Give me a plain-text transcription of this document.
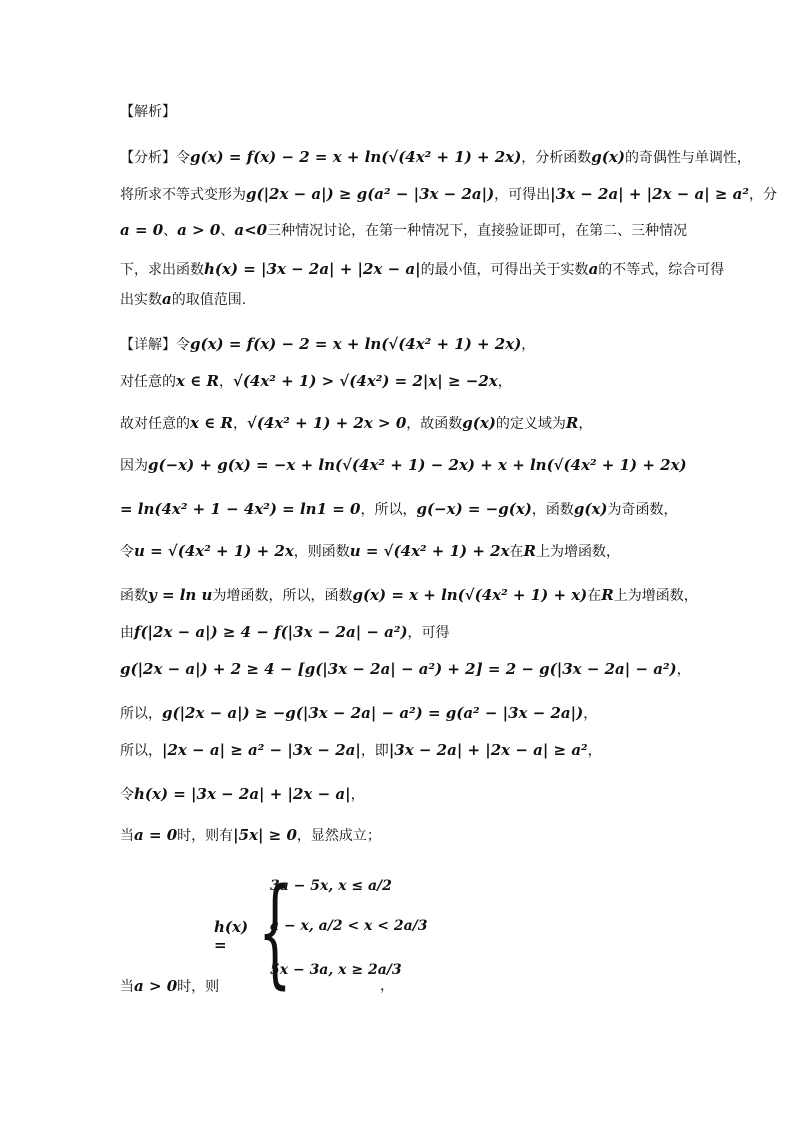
【解析】
【分析】令g(x) = f(x) − 2 = x + ln(√(4x² + 1) + 2x)，分析函数g(x)的奇偶性与单调性，
将所求不等式变形为g(|2x − a|) ≥ g(a² − |3x − 2a|)，可得出|3x − 2a| + |2x − a| ≥ a²，分
a = 0、a > 0、a<0三种情况讨论，在第一种情况下，直接验证即可，在第二、三种情况
下，求出函数h(x) = |3x − 2a| + |2x − a|的最小值，可得出关于实数a的不等式，综合可得
出实数a的取值范围.
【详解】令g(x) = f(x) − 2 = x + ln(√(4x² + 1) + 2x)，
对任意的x ∈ R，√(4x² + 1) > √(4x²) = 2|x| ≥ −2x，
故对任意的x ∈ R，√(4x² + 1) + 2x > 0，故函数g(x)的定义域为R，
因为g(−x) + g(x) = −x + ln(√(4x² + 1) − 2x) + x + ln(√(4x² + 1) + 2x)
= ln(4x² + 1 − 4x²) = ln1 = 0，所以，g(−x) = −g(x)，函数g(x)为奇函数，
令u = √(4x² + 1) + 2x，则函数u = √(4x² + 1) + 2x在R上为增函数，
函数y = ln u为增函数，所以，函数g(x) = x + ln(√(4x² + 1) + x)在R上为增函数，
由f(|2x − a|) ≥ 4 − f(|3x − 2a| − a²)，可得
g(|2x − a|) + 2 ≥ 4 − [g(|3x − 2a| − a²) + 2] = 2 − g(|3x − 2a| − a²)，
所以，g(|2x − a|) ≥ −g(|3x − 2a| − a²) = g(a² − |3x − 2a|)，
所以，|2x − a| ≥ a² − |3x − 2a|，即|3x − 2a| + |2x − a| ≥ a²，
令h(x) = |3x − 2a| + |2x − a|，
当a = 0时，则有|5x| ≥ 0，显然成立；
h(x) = {
3a − 5x, x ≤ a/2
a − x, a/2 < x < 2a/3
5x − 3a, x ≥ 2a/3
当a > 0时，则	，
